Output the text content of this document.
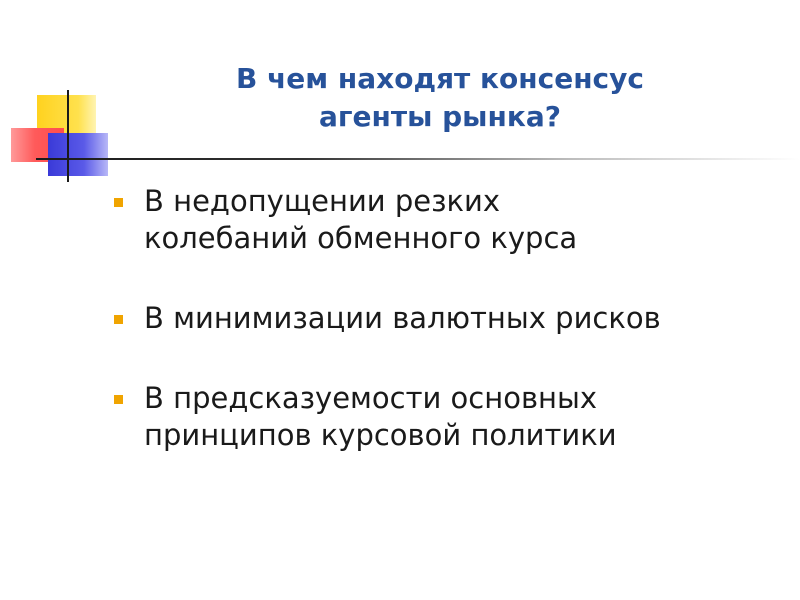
В чем находят консенсус
агенты рынка?
В недопущении резких
колебаний обменного курса
В минимизации валютных рисков
В предсказуемости основных
принципов курсовой политики
